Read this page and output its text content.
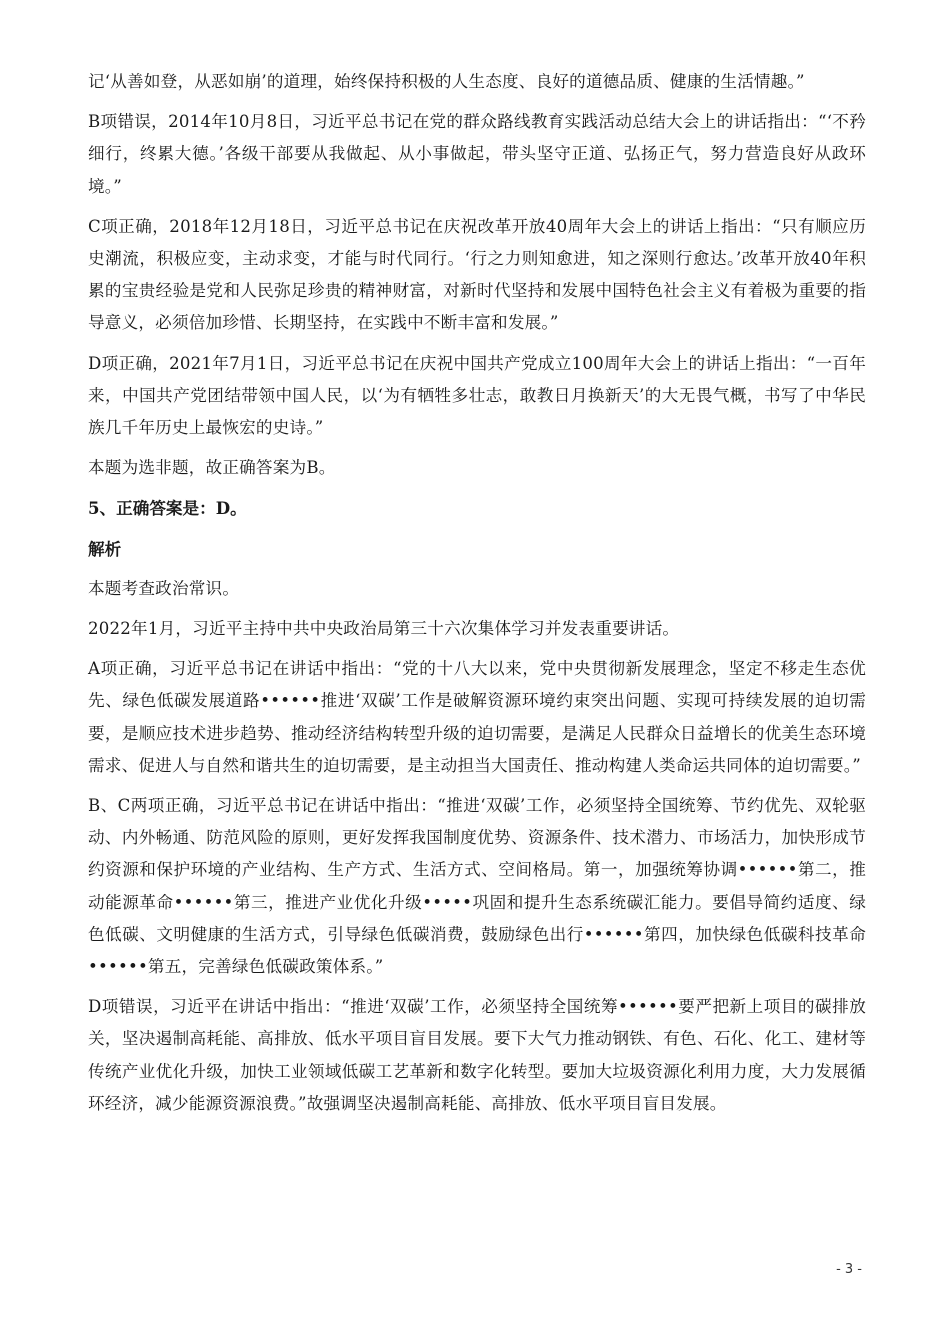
记‘从善如登，从恶如崩’的道理，始终保持积极的人生态度、良好的道德品质、健康的生活情趣。”

B项错误，2014年10月8日，习近平总书记在党的群众路线教育实践活动总结大会上的讲话指出：“‘不矜细行，终累大德。’各级干部要从我做起、从小事做起，带头坚守正道、弘扬正气，努力营造良好从政环境。”

C项正确，2018年12月18日，习近平总书记在庆祝改革开放40周年大会上的讲话上指出：“只有顺应历史潮流，积极应变，主动求变，才能与时代同行。‘行之力则知愈进，知之深则行愈达。’改革开放40年积累的宝贵经验是党和人民弥足珍贵的精神财富，对新时代坚持和发展中国特色社会主义有着极为重要的指导意义，必须倍加珍惜、长期坚持，在实践中不断丰富和发展。”

D项正确，2021年7月1日，习近平总书记在庆祝中国共产党成立100周年大会上的讲话上指出：“一百年来，中国共产党团结带领中国人民，以‘为有牺牲多壮志，敢教日月换新天’的大无畏气概，书写了中华民族几千年历史上最恢宏的史诗。”

本题为选非题，故正确答案为B。

5、正确答案是：D。

解析

本题考查政治常识。

2022年1月，习近平主持中共中央政治局第三十六次集体学习并发表重要讲话。

A项正确，习近平总书记在讲话中指出：“党的十八大以来，党中央贯彻新发展理念，坚定不移走生态优先、绿色低碳发展道路••••••推进‘双碳’工作是破解资源环境约束突出问题、实现可持续发展的迫切需要，是顺应技术进步趋势、推动经济结构转型升级的迫切需要，是满足人民群众日益增长的优美生态环境需求、促进人与自然和谐共生的迫切需要，是主动担当大国责任、推动构建人类命运共同体的迫切需要。”

B、C两项正确，习近平总书记在讲话中指出：“推进‘双碳’工作，必须坚持全国统筹、节约优先、双轮驱动、内外畅通、防范风险的原则，更好发挥我国制度优势、资源条件、技术潜力、市场活力，加快形成节约资源和保护环境的产业结构、生产方式、生活方式、空间格局。第一，加强统筹协调••••••第二，推动能源革命••••••第三，推进产业优化升级•••••巩固和提升生态系统碳汇能力。要倡导简约适度、绿色低碳、文明健康的生活方式，引导绿色低碳消费，鼓励绿色出行••••••第四，加快绿色低碳科技革命••••••第五，完善绿色低碳政策体系。”

D项错误，习近平在讲话中指出：“推进‘双碳’工作，必须坚持全国统筹••••••要严把新上项目的碳排放关，坚决遏制高耗能、高排放、低水平项目盲目发展。要下大气力推动钢铁、有色、石化、化工、建材等传统产业优化升级，加快工业领域低碳工艺革新和数字化转型。要加大垃圾资源化利用力度，大力发展循环经济，减少能源资源浪费。”故强调坚决遏制高耗能、高排放、低水平项目盲目发展。

- 3 -
